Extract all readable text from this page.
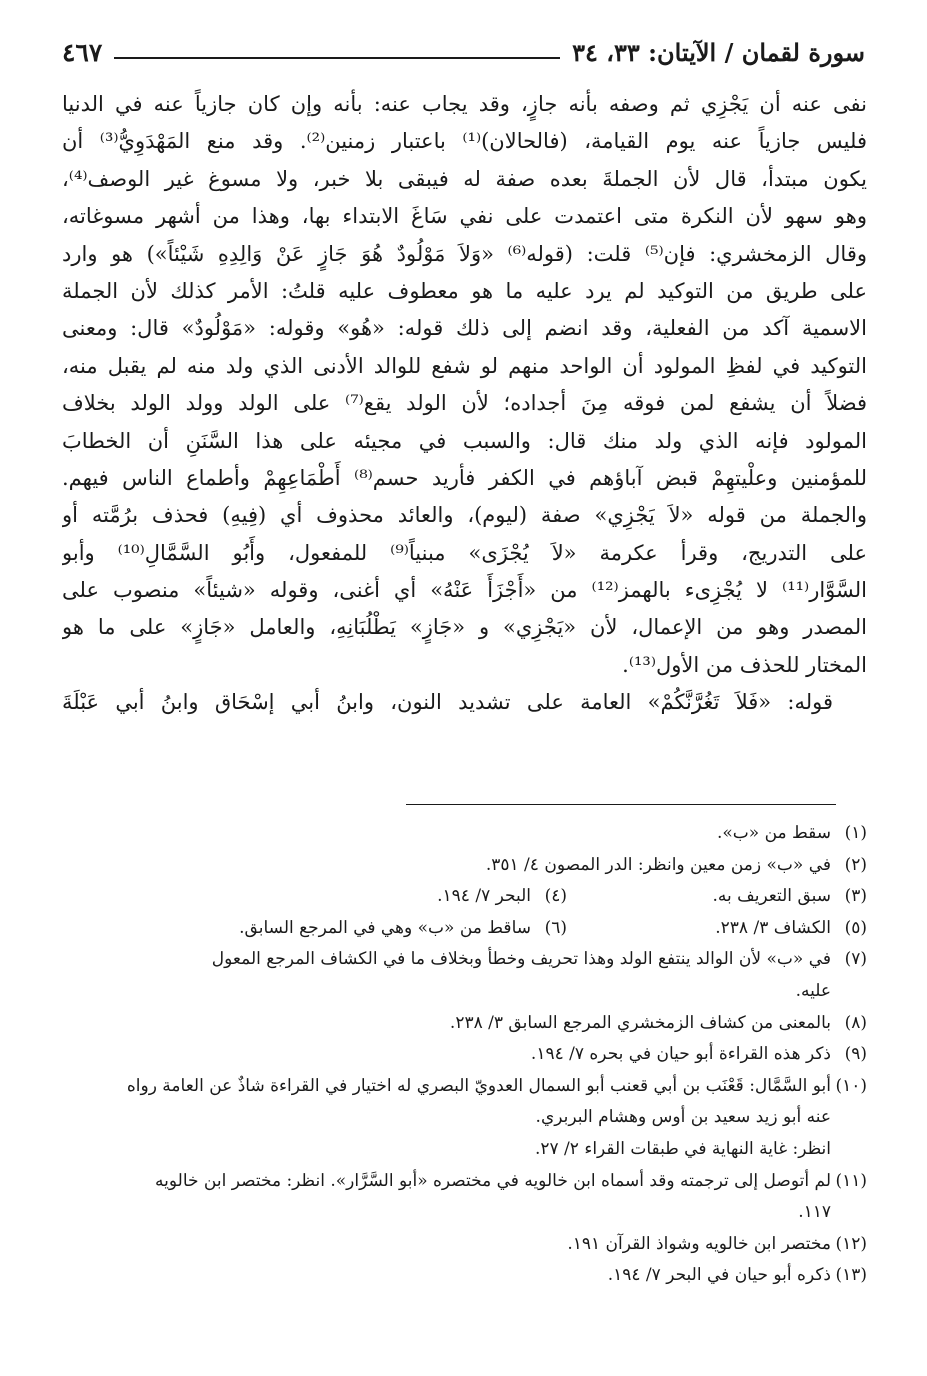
سورة لقمان / الآيتان: ٣٣، ٣٤
٤٦٧
نفى عنه أن يَجْزِي ثم وصفه بأنه جازٍ، وقد يجاب عنه: بأنه وإن كان جازياً عنه في الدنيا
فليس جازياً عنه يوم القيامة، (فالحالان)⁽¹⁾ باعتبار زمنين⁽²⁾. وقد منع المَهْدَوِيُّ⁽³⁾ أن
يكون مبتدأ، قال لأن الجملةَ بعده صفة له فيبقى بلا خبر، ولا مسوغ غير الوصف⁽⁴⁾،
وهو سهو لأن النكرة متى اعتمدت على نفي سَاغَ الابتداء بها، وهذا من أشهر مسوغاته،
وقال الزمخشري: فإن⁽⁵⁾ قلت: (قوله⁽⁶⁾ «وَلاَ مَوْلُودٌ هُوَ جَازٍ عَنْ وَالِدِهِ شَيْئاً») هو وارد
على طريق من التوكيد لم يرد عليه ما هو معطوف عليه قلتُ: الأمر كذلك لأن الجملة
الاسمية آكد من الفعلية، وقد انضم إلى ذلك قوله: «هُو» وقوله: «مَوْلُودٌ» قال: ومعنى
التوكيد في لفظِ المولود أن الواحد منهم لو شفع للوالد الأدنى الذي ولد منه لم يقبل منه،
فضلاً أن يشفع لمن فوقه مِنَ أجداده؛ لأن الولد يقع⁽⁷⁾ على الولد وولد الولد بخلاف
المولود فإنه الذي ولد منك قال: والسبب في مجيئه على هذا السَّنَنِ أن الخطابَ
للمؤمنين وعلْيتهِمْ قبض آباؤهم في الكفر فأريد حسم⁽⁸⁾ أَطْمَاعِهِمْ وأطماع الناس فيهم.
والجملة من قوله «لاَ يَجْزِي» صفة (ليوم)، والعائد محذوف أي (فِيهِ) فحذف برُمَّته أو
على التدريج، وقرأ عكرمة «لاَ يُجْزَى» مبنياً⁽⁹⁾ للمفعول، وأَبُو السَّمَّالِ⁽¹⁰⁾ وأبو
السَّوَّار⁽¹¹⁾ لا يُجْزِىء بالهمز⁽¹²⁾ من «أَجْزَأَ عَنْهُ» أي أغنى، وقوله «شيئاً» منصوب على
المصدر وهو من الإعمال، لأن «يَجْزِي» و «جَازٍ» يَطْلُبَانِهِ، والعامل «جَازٍ» على ما هو
المختار للحذف من الأول⁽¹³⁾.
قوله: «فَلاَ تَغُرَّنَّكُمْ» العامة على تشديد النون، وابنُ أبي إسْحَاق وابنُ أبي عَبْلَةَ
(١)
سقط من «ب».
(٢)
في «ب» زمن معين وانظر: الدر المصون ٤/ ٣٥١.
(٣)
سبق التعريف به.
(٤)
البحر ٧/ ١٩٤.
(٥)
الكشاف ٣/ ٢٣٨.
(٦)
ساقط من «ب» وهي في المرجع السابق.
(٧)
في «ب» لأن الوالد ينتفع الولد وهذا تحريف وخطأ وبخلاف ما في الكشاف المرجع المعول
عليه.
(٨)
بالمعنى من كشاف الزمخشري المرجع السابق ٣/ ٢٣٨.
(٩)
ذكر هذه القراءة أبو حيان في بحره ٧/ ١٩٤.
(١٠)
أبو السَّمَّال: قَعْنَب بن أبي قعنب أبو السمال العدويّ البصري له اختيار في القراءة شاذٌ عن العامة رواه
عنه أبو زيد سعيد بن أوس وهشام البربري.
انظر: غاية النهاية في طبقات القراء ٢/ ٢٧.
(١١)
لم أتوصل إلى ترجمته وقد أسماه ابن خالويه في مختصره «أبو السَّرَّار». انظر: مختصر ابن خالويه
١١٧.
(١٢)
مختصر ابن خالويه وشواذ القرآن ١٩١.
(١٣)
ذكره أبو حيان في البحر ٧/ ١٩٤.
